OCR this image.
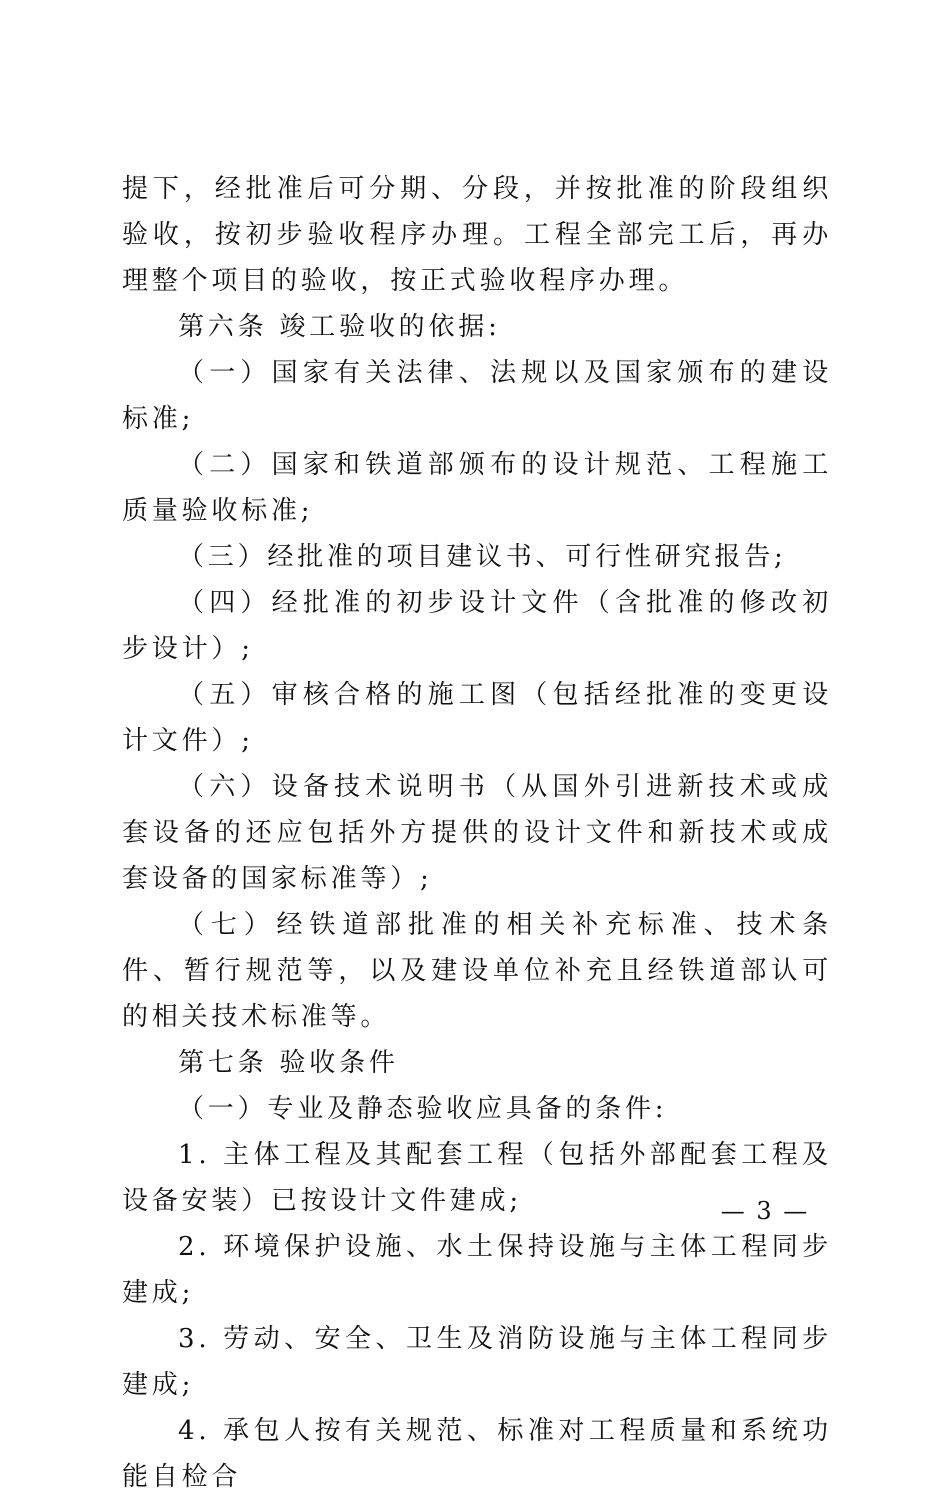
提下，经批准后可分期、分段，并按批准的阶段组织验收，按初步验收程序办理。工程全部完工后，再办理整个项目的验收，按正式验收程序办理。

第六条 竣工验收的依据:

（一）国家有关法律、法规以及国家颁布的建设标准;

（二）国家和铁道部颁布的设计规范、工程施工质量验收标准;

（三）经批准的项目建议书、可行性研究报告;

（四）经批准的初步设计文件（含批准的修改初步设计）;

（五）审核合格的施工图（包括经批准的变更设计文件）;

（六）设备技术说明书（从国外引进新技术或成套设备的还应包括外方提供的设计文件和新技术或成套设备的国家标准等）;

（七）经铁道部批准的相关补充标准、技术条件、暂行规范等，以及建设单位补充且经铁道部认可的相关技术标准等。

第七条 验收条件

（一）专业及静态验收应具备的条件:

1. 主体工程及其配套工程（包括外部配套工程及设备安装）已按设计文件建成;

2. 环境保护设施、水土保持设施与主体工程同步建成;

3. 劳动、安全、卫生及消防设施与主体工程同步建成;

4. 承包人按有关规范、标准对工程质量和系统功能自检合

— 3 —
